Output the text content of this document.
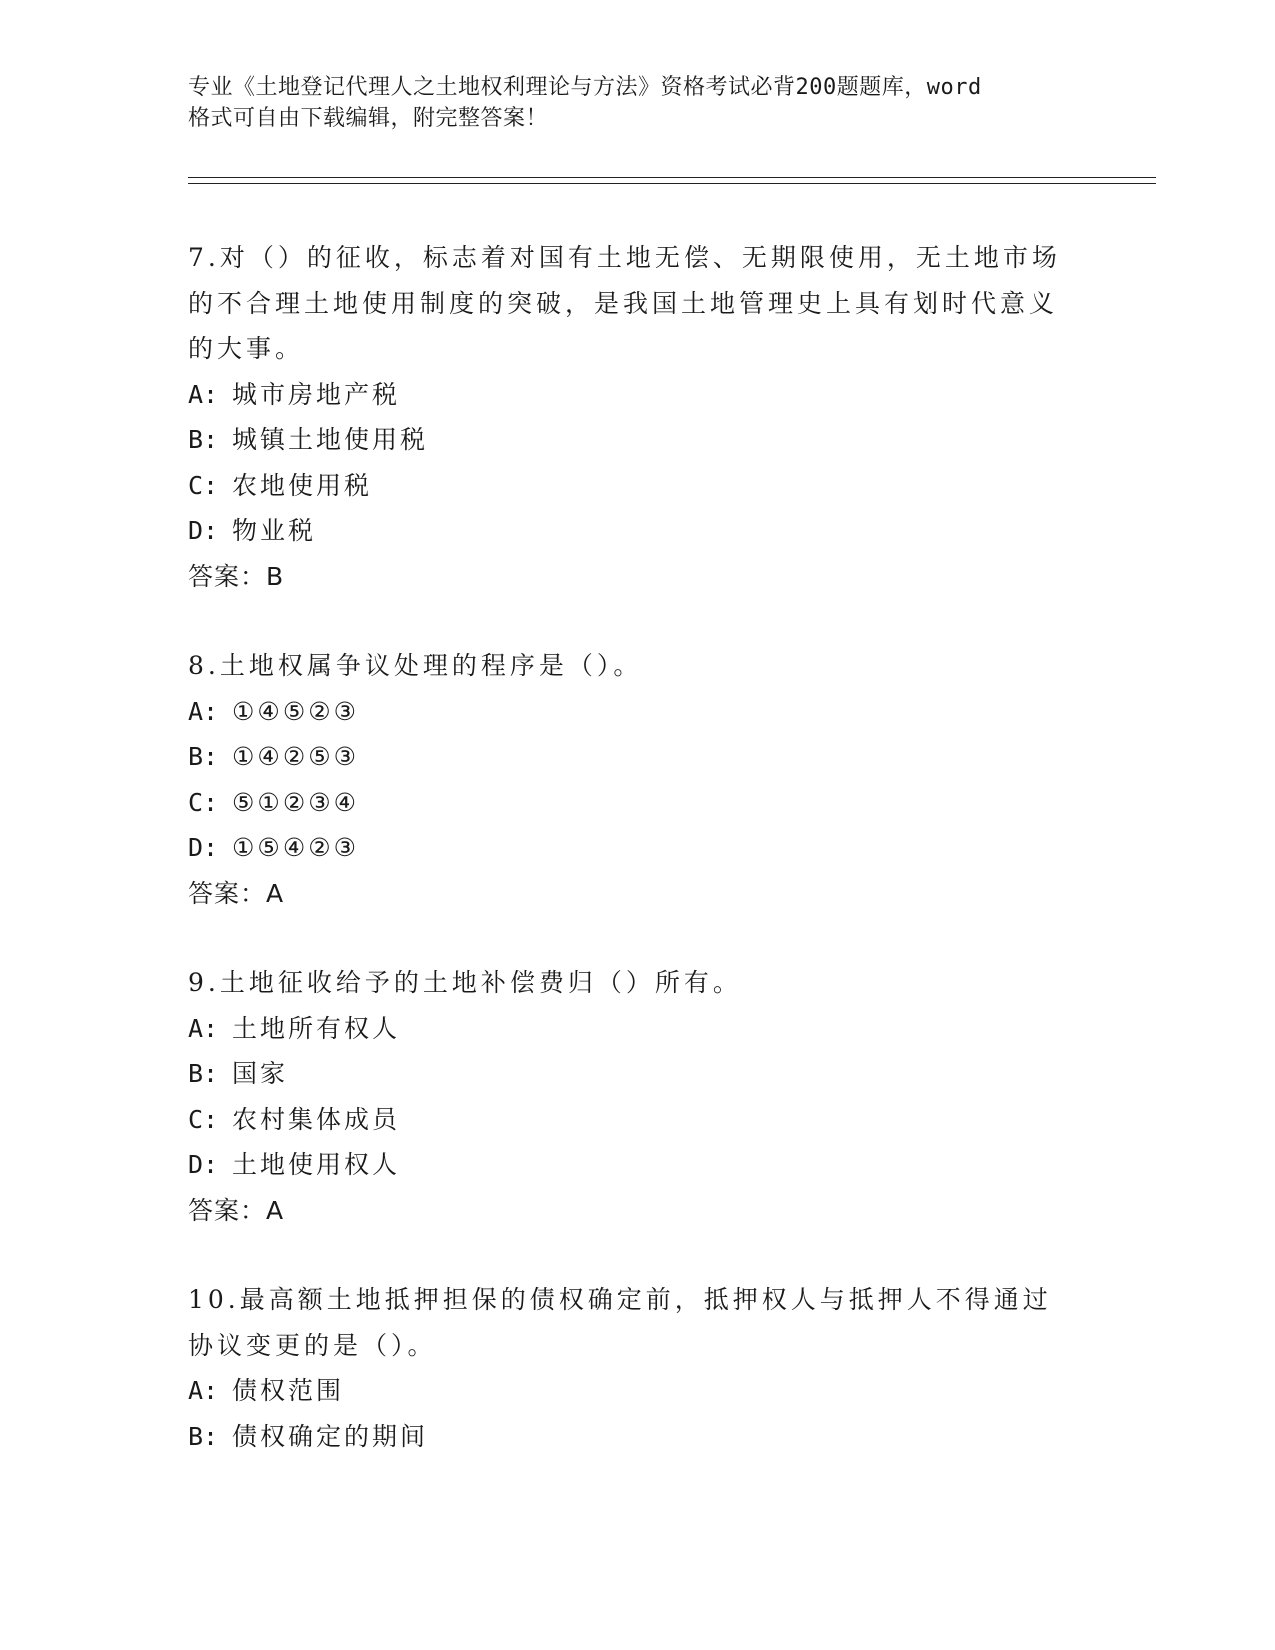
专业《土地登记代理人之土地权利理论与方法》资格考试必背200题题库，word
格式可自由下载编辑，附完整答案！
7.对（）的征收，标志着对国有土地无偿、无期限使用，无土地市场的不合理土地使用制度的突破，是我国土地管理史上具有划时代意义的大事。
A: 城市房地产税
B: 城镇土地使用税
C: 农地使用税
D: 物业税
答案：B
8.土地权属争议处理的程序是（）。
A: ①④⑤②③
B: ①④②⑤③
C: ⑤①②③④
D: ①⑤④②③
答案：A
9.土地征收给予的土地补偿费归（）所有。
A: 土地所有权人
B: 国家
C: 农村集体成员
D: 土地使用权人
答案：A
10.最高额土地抵押担保的债权确定前，抵押权人与抵押人不得通过协议变更的是（）。
A: 债权范围
B: 债权确定的期间
